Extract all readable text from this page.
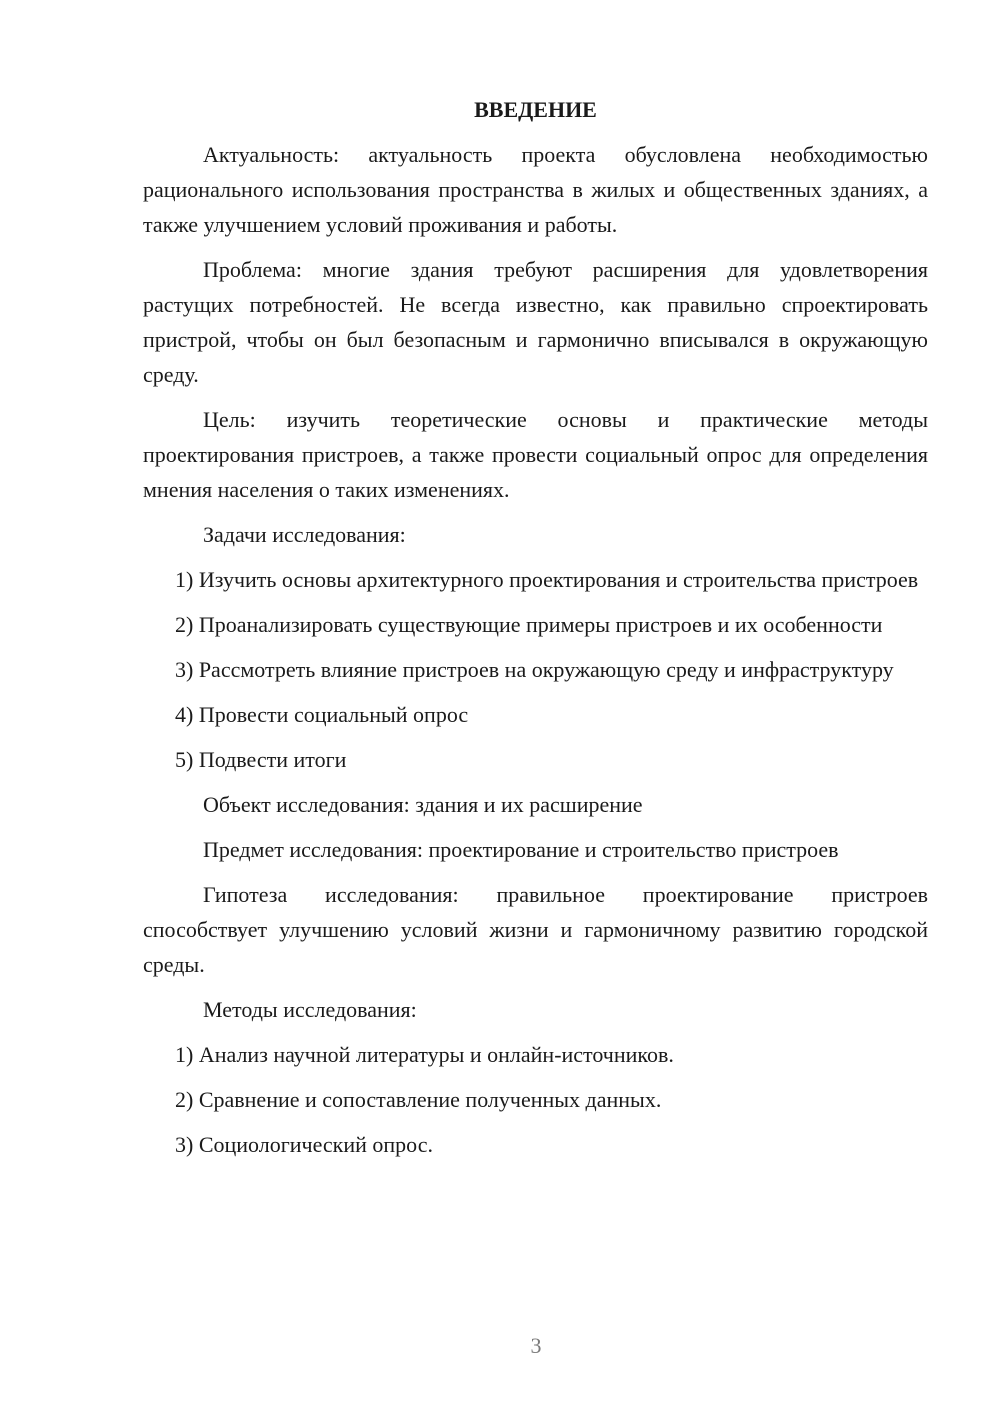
ВВЕДЕНИЕ
Актуальность: актуальность проекта обусловлена необходимостью рационального использования пространства в жилых и общественных зданиях, а также улучшением условий проживания и работы.
Проблема: многие здания требуют расширения для удовлетворения растущих потребностей. Не всегда известно, как правильно спроектировать пристрой, чтобы он был безопасным и гармонично вписывался в окружающую среду.
Цель: изучить теоретические основы и практические методы проектирования пристроев, а также провести социальный опрос для определения мнения населения о таких изменениях.
Задачи исследования:
1) Изучить основы архитектурного проектирования и строительства пристроев
2) Проанализировать существующие примеры пристроев и их особенности
3) Рассмотреть влияние пристроев на окружающую среду и инфраструктуру
4) Провести социальный опрос
5) Подвести итоги
Объект исследования: здания и их расширение
Предмет исследования: проектирование и строительство пристроев
Гипотеза исследования: правильное проектирование пристроев способствует улучшению условий жизни и гармоничному развитию городской среды.
Методы исследования:
1) Анализ научной литературы и онлайн-источников.
2) Сравнение и сопоставление полученных данных.
3) Социологический опрос.
3
